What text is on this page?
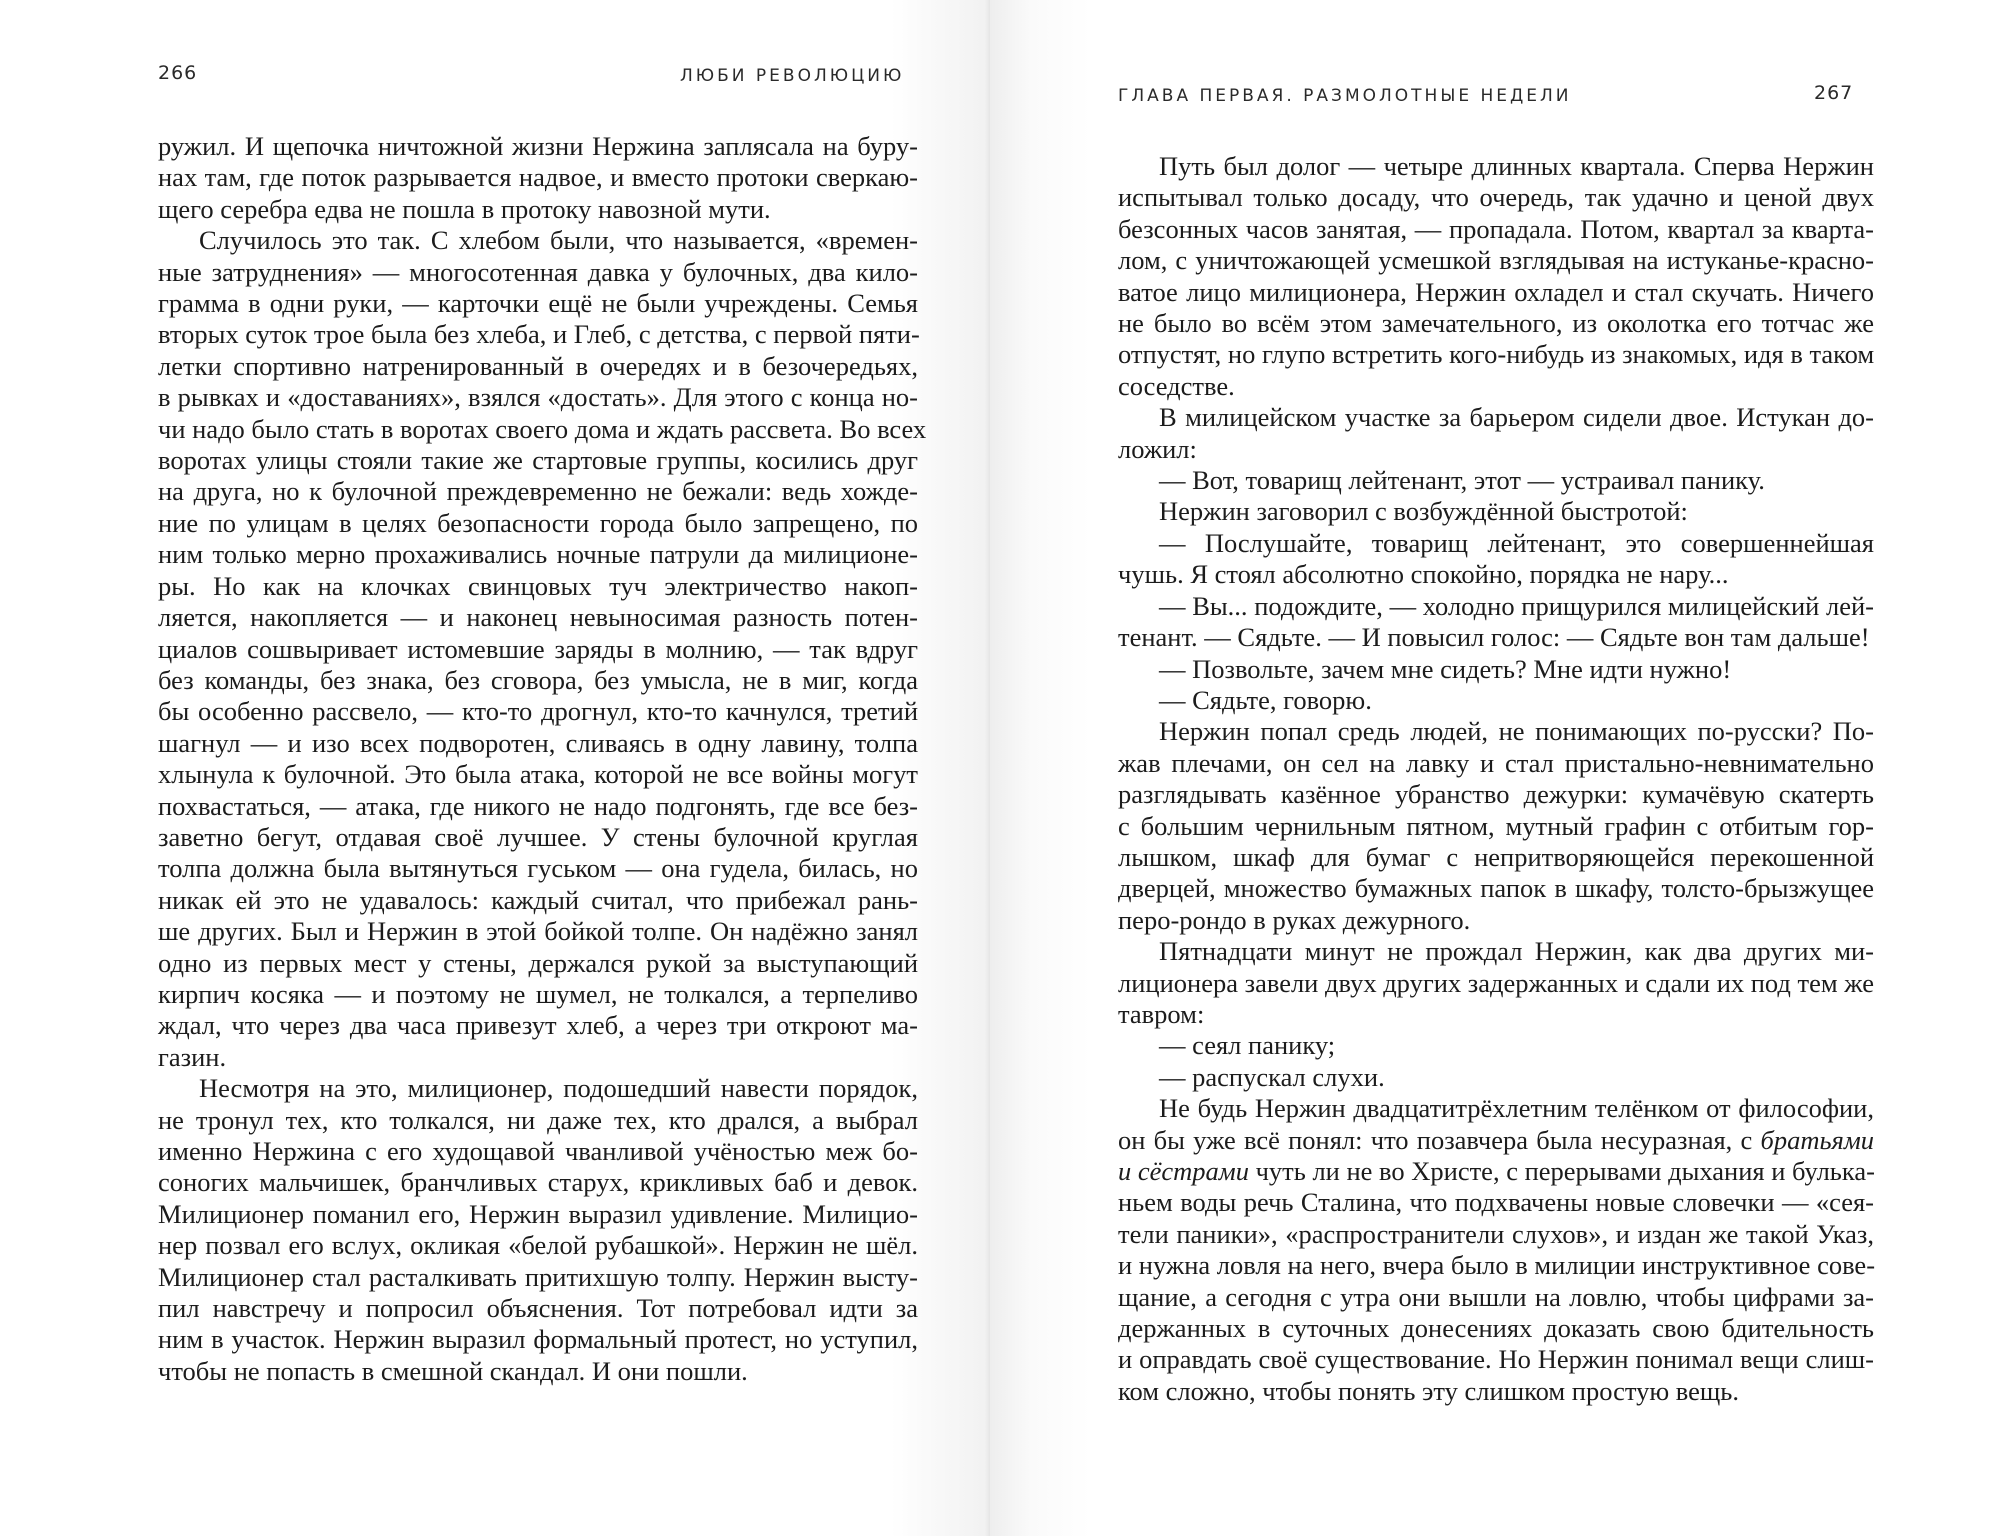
266	ЛЮБИ РЕВОЛЮЦИЮ
ружил. И щепочка ничтожной жизни Нержина заплясала на буру-
нах там, где поток разрывается надвое, и вместо протоки сверкаю-
щего серебра едва не пошла в протоку навозной мути.
Случилось это так. С хлебом были, что называется, «времен-
ные затруднения» — многосотенная давка у булочных, два кило-
грамма в одни руки, — карточки ещё не были учреждены. Семья
вторых суток трое была без хлеба, и Глеб, с детства, с первой пяти-
летки спортивно натренированный в очередях и в безочередьях,
в рывках и «доставаниях», взялся «достать». Для этого с конца но-
чи надо было стать в воротах своего дома и ждать рассвета. Во всех
воротах улицы стояли такие же стартовые группы, косились друг
на друга, но к булочной преждевременно не бежали: ведь хожде-
ние по улицам в целях безопасности города было запрещено, по
ним только мерно прохаживались ночные патрули да милиционе-
ры. Но как на клочках свинцовых туч электричество накоп-
ляется, накопляется — и наконец невыносимая разность потен-
циалов сошвыривает истомевшие заряды в молнию, — так вдруг
без команды, без знака, без сговора, без умысла, не в миг, когда
бы особенно рассвело, — кто-то дрогнул, кто-то качнулся, третий
шагнул — и изо всех подворотен, сливаясь в одну лавину, толпа
хлынула к булочной. Это была атака, которой не все войны могут
похвастаться, — атака, где никого не надо подгонять, где все без-
заветно бегут, отдавая своё лучшее. У стены булочной круглая
толпа должна была вытянуться гуськом — она гудела, билась, но
никак ей это не удавалось: каждый считал, что прибежал рань-
ше других. Был и Нержин в этой бойкой толпе. Он надёжно занял
одно из первых мест у стены, держался рукой за выступающий
кирпич косяка — и поэтому не шумел, не толкался, а терпеливо
ждал, что через два часа привезут хлеб, а через три откроют ма-
газин.
Несмотря на это, милиционер, подошедший навести порядок,
не тронул тех, кто толкался, ни даже тех, кто дрался, а выбрал
именно Нержина с его худощавой чванливой учёностью меж бо-
соногих мальчишек, бранчливых старух, крикливых баб и девок.
Милиционер поманил его, Нержин выразил удивление. Милицио-
нер позвал его вслух, окликая «белой рубашкой». Нержин не шёл.
Милиционер стал расталкивать притихшую толпу. Нержин высту-
пил навстречу и попросил объяснения. Тот потребовал идти за
ним в участок. Нержин выразил формальный протест, но уступил,
чтобы не попасть в смешной скандал. И они пошли.
ГЛАВА ПЕРВАЯ. РАЗМОЛОТНЫЕ НЕДЕЛИ	267
Путь был долог — четыре длинных квартала. Сперва Нержин
испытывал только досаду, что очередь, так удачно и ценой двух
безсонных часов занятая, — пропадала. Потом, квартал за кварта-
лом, с уничтожающей усмешкой взглядывая на истуканье-красно-
ватое лицо милиционера, Нержин охладел и стал скучать. Ничего
не было во всём этом замечательного, из околотка его тотчас же
отпустят, но глупо встретить кого-нибудь из знакомых, идя в таком
соседстве.
В милицейском участке за барьером сидели двое. Истукан до-
ложил:
— Вот, товарищ лейтенант, этот — устраивал панику.
Нержин заговорил с возбуждённой быстротой:
— Послушайте, товарищ лейтенант, это совершеннейшая
чушь. Я стоял абсолютно спокойно, порядка не нару...
— Вы... подождите, — холодно прищурился милицейский лей-
тенант. — Сядьте. — И повысил голос: — Сядьте вон там дальше!
— Позвольте, зачем мне сидеть? Мне идти нужно!
— Сядьте, говорю.
Нержин попал средь людей, не понимающих по-русски? По-
жав плечами, он сел на лавку и стал пристально-невнимательно
разглядывать казённое убранство дежурки: кумачёвую скатерть
с большим чернильным пятном, мутный графин с отбитым гор-
лышком, шкаф для бумаг с непритворяющейся перекошенной
дверцей, множество бумажных папок в шкафу, толсто-брызжущее
перо-рондо в руках дежурного.
Пятнадцати минут не прождал Нержин, как два других ми-
лиционера завели двух других задержанных и сдали их под тем же
тавром:
— сеял панику;
— распускал слухи.
Не будь Нержин двадцатитрёхлетним телёнком от философии,
он бы уже всё понял: что позавчера была несуразная, с братьями
и сёстрами чуть ли не во Христе, с перерывами дыхания и булька-
ньем воды речь Сталина, что подхвачены новые словечки — «сея-
тели паники», «распространители слухов», и издан же такой Указ,
и нужна ловля на него, вчера было в милиции инструктивное сове-
щание, а сегодня с утра они вышли на ловлю, чтобы цифрами за-
держанных в суточных донесениях доказать свою бдительность
и оправдать своё существование. Но Нержин понимал вещи слиш-
ком сложно, чтобы понять эту слишком простую вещь.
